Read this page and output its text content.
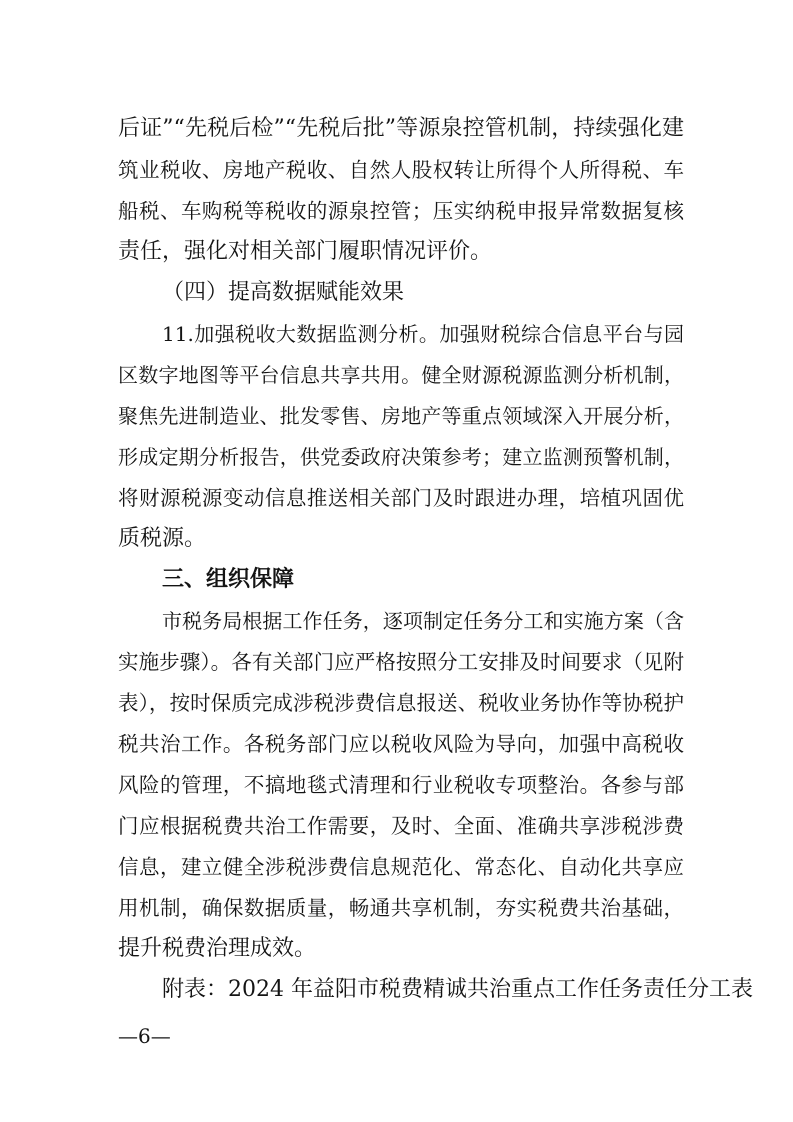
后证”“先税后检”“先税后批”等源泉控管机制，持续强化建
筑业税收、房地产税收、自然人股权转让所得个人所得税、车
船税、车购税等税收的源泉控管；压实纳税申报异常数据复核
责任，强化对相关部门履职情况评价。
（四）提高数据赋能效果
11.加强税收大数据监测分析。加强财税综合信息平台与园
区数字地图等平台信息共享共用。健全财源税源监测分析机制，
聚焦先进制造业、批发零售、房地产等重点领域深入开展分析，
形成定期分析报告，供党委政府决策参考；建立监测预警机制，
将财源税源变动信息推送相关部门及时跟进办理，培植巩固优
质税源。
三、组织保障
市税务局根据工作任务，逐项制定任务分工和实施方案（含
实施步骤）。各有关部门应严格按照分工安排及时间要求（见附
表），按时保质完成涉税涉费信息报送、税收业务协作等协税护
税共治工作。各税务部门应以税收风险为导向，加强中高税收
风险的管理，不搞地毯式清理和行业税收专项整治。各参与部
门应根据税费共治工作需要，及时、全面、准确共享涉税涉费
信息，建立健全涉税涉费信息规范化、常态化、自动化共享应
用机制，确保数据质量，畅通共享机制，夯实税费共治基础，
提升税费治理成效。
附表：2024 年益阳市税费精诚共治重点工作任务责任分工表
—6—
